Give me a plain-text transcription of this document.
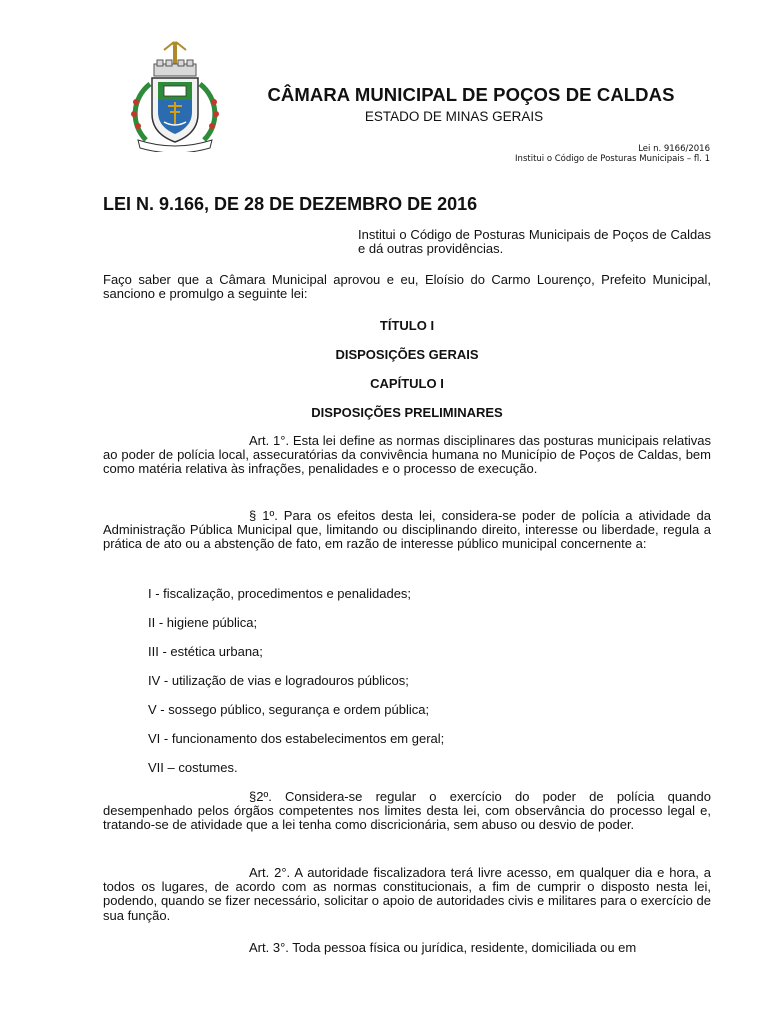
CÂMARA MUNICIPAL DE POÇOS DE CALDAS
ESTADO DE MINAS GERAIS
Lei n. 9166/2016
Institui o Código de Posturas Municipais – fl. 1
LEI N. 9.166, DE 28 DE DEZEMBRO DE 2016

Institui o Código de Posturas Municipais de Poços de Caldas e dá outras providências.

Faço saber que a Câmara Municipal aprovou e eu, Eloísio do Carmo Lourenço, Prefeito Municipal, sanciono e promulgo a seguinte lei:

TÍTULO I

DISPOSIÇÕES GERAIS

CAPÍTULO I

DISPOSIÇÕES PRELIMINARES

Art. 1°. Esta lei define as normas disciplinares das posturas municipais relativas ao poder de polícia local, assecuratórias da convivência humana no Município de Poços de Caldas, bem como matéria relativa às infrações, penalidades e o processo de execução.

§ 1º. Para os efeitos desta lei, considera-se poder de polícia a atividade da Administração Pública Municipal que, limitando ou disciplinando direito, interesse ou liberdade, regula a prática de ato ou a abstenção de fato, em razão de interesse público municipal concernente a:

I - fiscalização, procedimentos e penalidades;

II - higiene pública;

III - estética urbana;

IV - utilização de vias e logradouros públicos;

V - sossego público, segurança e ordem pública;

VI - funcionamento dos estabelecimentos em geral;

VII – costumes.

§2º. Considera-se regular o exercício do poder de polícia quando desempenhado pelos órgãos competentes nos limites desta lei, com observância do processo legal e, tratando-se de atividade que a lei tenha como discricionária, sem abuso ou desvio de poder.

Art. 2°. A autoridade fiscalizadora terá livre acesso, em qualquer dia e hora, a todos os lugares, de acordo com as normas constitucionais, a fim de cumprir o disposto nesta lei, podendo, quando se fizer necessário, solicitar o apoio de autoridades civis e militares para o exercício de sua função.

Art. 3°. Toda pessoa física ou jurídica, residente, domiciliada ou em
